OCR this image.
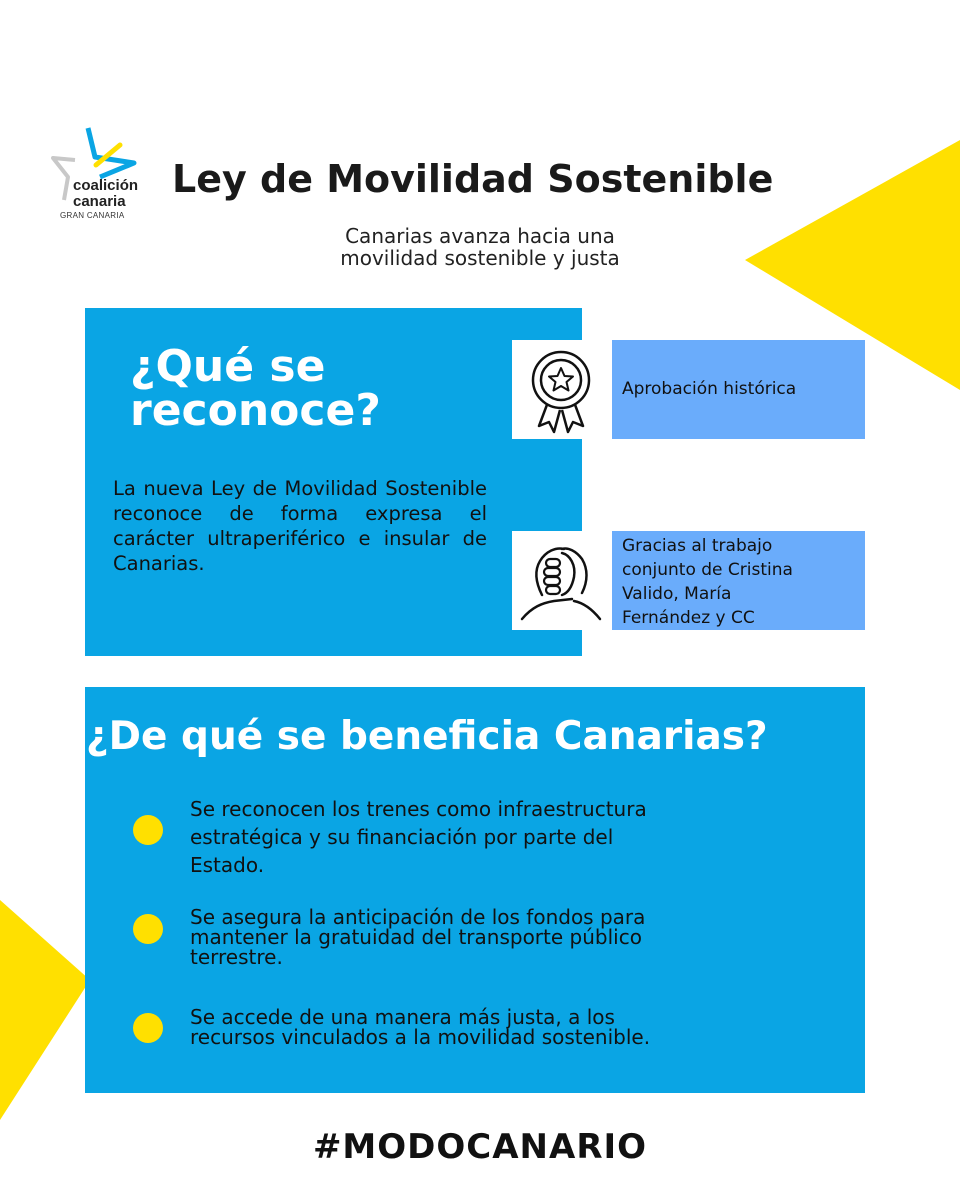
coalición
canaria
GRAN CANARIA
Ley de Movilidad Sostenible
Canarias avanza hacia una
movilidad sostenible y justa
¿Qué se
reconoce?
La nueva Ley de Movilidad Sostenible reconoce de forma expresa el carácter ultraperiférico e insular de Canarias.
Aprobación histórica
Gracias al trabajo
conjunto de Cristina
Valido, María
Fernández y CC
¿De qué se beneficia Canarias?
Se reconocen los trenes como infraestructura
estratégica y su financiación por parte del
Estado.
Se asegura la anticipación de los fondos para
mantener la gratuidad del transporte público
terrestre.
Se accede de una manera más justa, a los
recursos vinculados a la movilidad sostenible.
#MODOCANARIO
